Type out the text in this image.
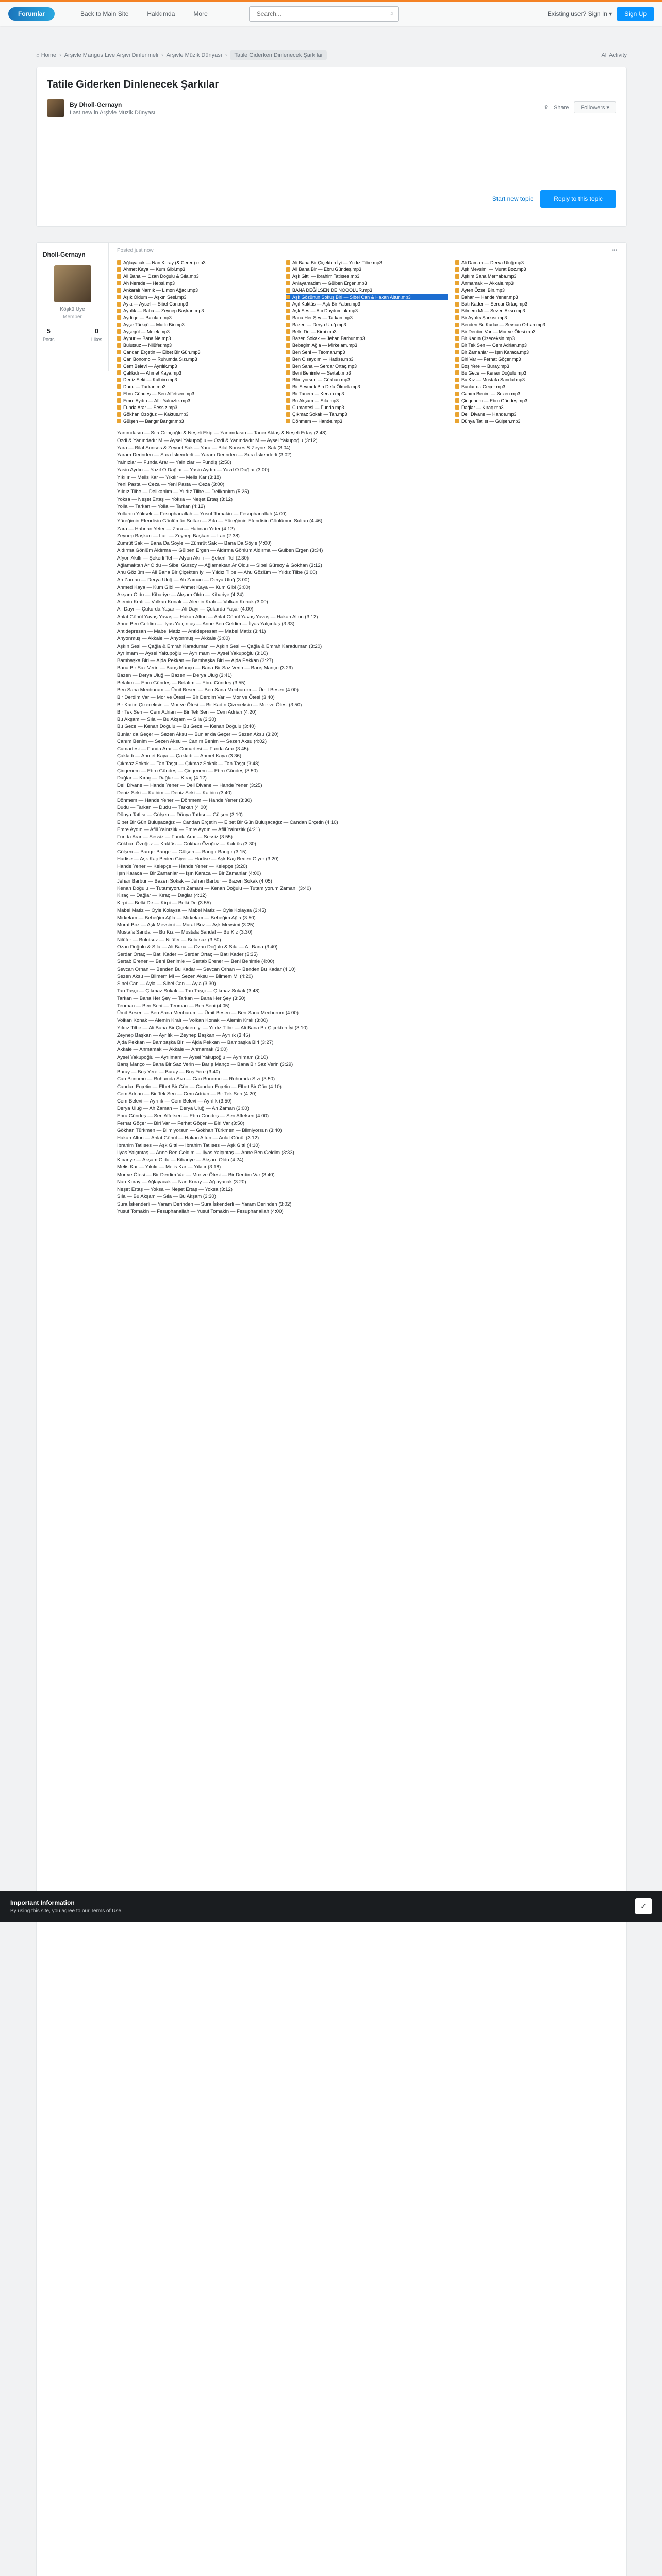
Forumlar	Back to Main Site	Hakkımda	More
Search...	⌕	Existing user? Sign In ▾	Sign Up
⌂ Home › Arşivle Mangus Live Arşivi Dinlenmeli › Arşivle Müzik Dünyası ›	Tatile Giderken Dinlenecek Şarkılar	All Activity
Tatile Giderken Dinlenecek Şarkılar
By Dholl-Gernayn
Last new in Arşivle Müzik Dünyası
⇪ Share	Followers ▾
Start new topic	Reply to this topic
Dholl-Gernayn
Köşkü Üye
Member
5
Posts
0
Likes
Posted just now	•••
Ağlayacak — Nan Koray (& Ceren).mp3	Ali Bana Bir Çiçekten İyi — Yıldız Tilbe.mp3	Ali Damarı — Derya Uluğ.mp3
Ahmet Kaya — Kum Gibi.mp3	Ali Bana Bir — Ebru Gündeş.mp3	Aşk Mevsimi — Murat Boz.mp3
Ali Bana — Ozan Doğulu & Sıla.mp3	Aşk Gitti — İbrahim Tatlıses.mp3	Aşkım Sana Merhaba.mp3
Ah Nerede — Hepsi.mp3	Anlayamadım — Gülben Ergen.mp3	Anmamak — Akkale.mp3
Ankaralı Namık — Limon Ağacı.mp3	BANA DEĞİLSEN DE NOOOLUR.mp3	Ayten Özsel Bin.mp3
Aşık Oldum — Aşkın Sesi.mp3	Aşk Gözünün Sokuş Biri — Sibel Can & Hakan Altun.mp3	Bahar — Hande Yener.mp3
Ayla — Aysel — Sibel Can.mp3	Açıl Kaktüs — Aşk Bir Yalan.mp3	Batı Kader — Serdar Ortaç.mp3
Ayrılık — Baba — Zeynep Başkan.mp3	Aşk Ses — Acı Duydumluk.mp3	Bilmem Mi — Sezen Aksu.mp3
Aydilge — Bazıları.mp3	Bana Her Şey — Tarkan.mp3	Bir Ayrılık Şarkısı.mp3
Ayşe Türkçü — Mutlu Bir.mp3	Bazen — Derya Uluğ.mp3	Benden Bu Kadar — Sevcan Orhan.mp3
Ayşegül — Melek.mp3	Belki De — Kirpi.mp3	Bir Derdim Var — Mor ve Ötesi.mp3
Aynur — Bana Ne.mp3	Bazen Sokak — Jehan Barbur.mp3	Bir Kadın Çizeceksin.mp3
Bulutsuz — Nilüfer.mp3	Bebeğim Ağla — Mirkelam.mp3	Bir Tek Sen — Cem Adrian.mp3
Candan Erçetin — Elbet Bir Gün.mp3	Ben Seni — Teoman.mp3	Bir Zamanlar — Işın Karaca.mp3
Can Bonomo — Ruhumda Sızı.mp3	Ben Olsaydım — Hadise.mp3	Biri Var — Ferhat Göçer.mp3
Cem Belevi — Ayrılık.mp3	Ben Sana — Serdar Ortaç.mp3	Boş Yere — Buray.mp3
Çakkıdı — Ahmet Kaya.mp3	Beni Benimle — Sertab.mp3	Bu Gece — Kenan Doğulu.mp3
Deniz Seki — Kalbim.mp3	Bilmiyorsun — Gökhan.mp3	Bu Kız — Mustafa Sandal.mp3
Dudu — Tarkan.mp3	Bir Sevmek Bin Defa Ölmek.mp3	Bunlar da Geçer.mp3
Ebru Gündeş — Sen Affetsen.mp3	Bir Tanem — Kenan.mp3	Canım Benim — Sezen.mp3
Emre Aydın — Afili Yalnızlık.mp3	Bu Akşam — Sıla.mp3	Çingenem — Ebru Gündeş.mp3
Funda Arar — Sessiz.mp3	Cumartesi — Funda.mp3	Dağlar — Kıraç.mp3
Gökhan Özoğuz — Kaktüs.mp3	Çıkmaz Sokak — Tan.mp3	Deli Divane — Hande.mp3
Gülşen — Bangır Bangır.mp3	Dönmem — Hande.mp3	Dünya Tatlısı — Gülşen.mp3
Yanımdasın — Sıla Gençoğlu & Neşeli Ekip — Yanımdasın — Taner Aktaş & Neşeli Ertaş (2:48)
Ozdi & Yanındadır M — Aysel Yakupoğlu — Özdi & Yanındadır M — Aysel Yakupoğlu (3:12)
Yara — Bilal Sonses & Zeynel Sak — Yara — Bilal Sonses & Zeynel Sak (3:04)
Yaram Derinden — Sura İskenderli — Yaram Derinden — Sura İskenderli (3:02)
Yalnızlar — Funda Arar — Yalnızlar — Fundiş (2:50)
Yasin Aydın — Yazıl O Dağlar — Yasin Aydın — Yazıl O Dağlar (3:00)
Yıkılır — Melis Kar — Yıkılır — Melis Kar (3:18)
Yeni Pasta — Ceza — Yeni Pasta — Ceza (3:00)
Yıldız Tilbe — Delikanlım — Yıldız Tilbe — Delikanlım (5:25)
Yoksa — Neşet Ertaş — Yoksa — Neşet Ertaş (3:12)
Yolla — Tarkan — Yolla — Tarkan (4:12)
Yollarım Yüksek — Fesuphanallah — Yusuf Tomakin — Fesuphanallah (4:00)
Yüreğimin Efendisin Gönlümün Sultan — Sıla — Yüreğimin Efendisin Gönlümün Sultan (4:46)
Zara — Habnan Yeter — Zara — Habnan Yeter (4:12)
Zeynep Başkan — Lan — Zeynep Başkan — Lan (2:38)
Zümrüt Sak — Bana Da Söyle — Zümrüt Sak — Bana Da Söyle (4:00)
Aldırma Gönlüm Aldırma — Gülben Ergen — Aldırma Gönlüm Aldırma — Gülben Ergen (3:34)
Afyon Akıllı — Şekerli Tel — Afyon Akıllı — Şekerli Tel (2:30)
Ağlamaktan Ar Oldu — Sibel Gürsoy — Ağlamaktan Ar Oldu — Sibel Gürsoy & Gökhan (3:12)
Ahu Gözlüm — Ali Bana Bir Çiçekten İyi — Yıldız Tilbe — Ahu Gözlüm — Yıldız Tilbe (3:00)
Ah Zaman — Derya Uluğ — Ah Zaman — Derya Uluğ (3:00)
Ahmed Kaya — Kum Gibi — Ahmet Kaya — Kum Gibi (3:00)
Akşam Oldu — Kibariye — Akşam Oldu — Kibariye (4:24)
Alemin Kralı — Volkan Konak — Alemin Kralı — Volkan Konak (3:00)
Ali Dayı — Çukurda Yaşar — Ali Dayı — Çukurda Yaşar (4:00)
Anlat Gönül Yavaş Yavaş — Hakan Altun — Anlat Gönül Yavaş Yavaş — Hakan Altun (3:12)
Anne Ben Geldim — İlyas Yalçıntaş — Anne Ben Geldim — İlyas Yalçıntaş (3:33)
Antidepresan — Mabel Matiz — Antidepresan — Mabel Matiz (3:41)
Anyonmuş — Akkale — Anyonmuş — Akkale (3:00)
Aşkın Sesi — Çağla & Emrah Karaduman — Aşkın Sesi — Çağla & Emrah Karaduman (3:20)
Ayrılmam — Aysel Yakupoğlu — Ayrılmam — Aysel Yakupoğlu (3:10)
Bambaşka Biri — Ajda Pekkan — Bambaşka Biri — Ajda Pekkan (3:27)
Bana Bir Saz Verin — Barış Manço — Bana Bir Saz Verin — Barış Manço (3:29)
Bazen — Derya Uluğ — Bazen — Derya Uluğ (3:41)
Belalım — Ebru Gündeş — Belalım — Ebru Gündeş (3:55)
Ben Sana Mecburum — Ümit Besen — Ben Sana Mecburum — Ümit Besen (4:00)
Bir Derdim Var — Mor ve Ötesi — Bir Derdim Var — Mor ve Ötesi (3:40)
Bir Kadın Çizeceksin — Mor ve Ötesi — Bir Kadın Çizeceksin — Mor ve Ötesi (3:50)
Bir Tek Sen — Cem Adrian — Bir Tek Sen — Cem Adrian (4:20)
Bu Akşam — Sıla — Bu Akşam — Sıla (3:30)
Bu Gece — Kenan Doğulu — Bu Gece — Kenan Doğulu (3:40)
Bunlar da Geçer — Sezen Aksu — Bunlar da Geçer — Sezen Aksu (3:20)
Canım Benim — Sezen Aksu — Canım Benim — Sezen Aksu (4:02)
Cumartesi — Funda Arar — Cumartesi — Funda Arar (3:45)
Çakkıdı — Ahmet Kaya — Çakkıdı — Ahmet Kaya (3:36)
Çıkmaz Sokak — Tan Taşçı — Çıkmaz Sokak — Tan Taşçı (3:48)
Çingenem — Ebru Gündeş — Çingenem — Ebru Gündeş (3:50)
Dağlar — Kıraç — Dağlar — Kıraç (4:12)
Deli Divane — Hande Yener — Deli Divane — Hande Yener (3:25)
Deniz Seki — Kalbim — Deniz Seki — Kalbim (3:40)
Dönmem — Hande Yener — Dönmem — Hande Yener (3:30)
Dudu — Tarkan — Dudu — Tarkan (4:00)
Dünya Tatlısı — Gülşen — Dünya Tatlısı — Gülşen (3:10)
Elbet Bir Gün Buluşacağız — Candan Erçetin — Elbet Bir Gün Buluşacağız — Candan Erçetin (4:10)
Emre Aydın — Afili Yalnızlık — Emre Aydın — Afili Yalnızlık (4:21)
Funda Arar — Sessiz — Funda Arar — Sessiz (3:55)
Gökhan Özoğuz — Kaktüs — Gökhan Özoğuz — Kaktüs (3:30)
Gülşen — Bangır Bangır — Gülşen — Bangır Bangır (3:15)
Hadise — Aşk Kaç Beden Giyer — Hadise — Aşk Kaç Beden Giyer (3:20)
Hande Yener — Kelepçe — Hande Yener — Kelepçe (3:20)
Işın Karaca — Bir Zamanlar — Işın Karaca — Bir Zamanlar (4:00)
Jehan Barbur — Bazen Sokak — Jehan Barbur — Bazen Sokak (4:05)
Kenan Doğulu — Tutamıyorum Zamanı — Kenan Doğulu — Tutamıyorum Zamanı (3:40)
Kıraç — Dağlar — Kıraç — Dağlar (4:12)
Kirpi — Belki De — Kirpi — Belki De (3:55)
Mabel Matiz — Öyle Kolaysa — Mabel Matiz — Öyle Kolaysa (3:45)
Mirkelam — Bebeğim Ağla — Mirkelam — Bebeğim Ağla (3:50)
Murat Boz — Aşk Mevsimi — Murat Boz — Aşk Mevsimi (3:25)
Mustafa Sandal — Bu Kız — Mustafa Sandal — Bu Kız (3:30)
Nilüfer — Bulutsuz — Nilüfer — Bulutsuz (3:50)
Ozan Doğulu & Sıla — Ali Bana — Ozan Doğulu & Sıla — Ali Bana (3:40)
Serdar Ortaç — Batı Kader — Serdar Ortaç — Batı Kader (3:35)
Sertab Erener — Beni Benimle — Sertab Erener — Beni Benimle (4:00)
Sevcan Orhan — Benden Bu Kadar — Sevcan Orhan — Benden Bu Kadar (4:10)
Sezen Aksu — Bilmem Mi — Sezen Aksu — Bilmem Mi (4:20)
Sibel Can — Ayla — Sibel Can — Ayla (3:30)
Tan Taşçı — Çıkmaz Sokak — Tan Taşçı — Çıkmaz Sokak (3:48)
Tarkan — Bana Her Şey — Tarkan — Bana Her Şey (3:50)
Teoman — Ben Seni — Teoman — Ben Seni (4:05)
Ümit Besen — Ben Sana Mecburum — Ümit Besen — Ben Sana Mecburum (4:00)
Volkan Konak — Alemin Kralı — Volkan Konak — Alemin Kralı (3:00)
Yıldız Tilbe — Ali Bana Bir Çiçekten İyi — Yıldız Tilbe — Ali Bana Bir Çiçekten İyi (3:10)
Zeynep Başkan — Ayrılık — Zeynep Başkan — Ayrılık (3:45)
Ajda Pekkan — Bambaşka Biri — Ajda Pekkan — Bambaşka Biri (3:27)
Akkale — Anmamak — Akkale — Anmamak (3:00)
Aysel Yakupoğlu — Ayrılmam — Aysel Yakupoğlu — Ayrılmam (3:10)
Barış Manço — Bana Bir Saz Verin — Barış Manço — Bana Bir Saz Verin (3:29)
Buray — Boş Yere — Buray — Boş Yere (3:40)
Can Bonomo — Ruhumda Sızı — Can Bonomo — Ruhumda Sızı (3:50)
Candan Erçetin — Elbet Bir Gün — Candan Erçetin — Elbet Bir Gün (4:10)
Cem Adrian — Bir Tek Sen — Cem Adrian — Bir Tek Sen (4:20)
Cem Belevi — Ayrılık — Cem Belevi — Ayrılık (3:50)
Derya Uluğ — Ah Zaman — Derya Uluğ — Ah Zaman (3:00)
Ebru Gündeş — Sen Affetsen — Ebru Gündeş — Sen Affetsen (4:00)
Ferhat Göçer — Biri Var — Ferhat Göçer — Biri Var (3:50)
Gökhan Türkmen — Bilmiyorsun — Gökhan Türkmen — Bilmiyorsun (3:40)
Hakan Altun — Anlat Gönül — Hakan Altun — Anlat Gönül (3:12)
İbrahim Tatlıses — Aşk Gitti — İbrahim Tatlıses — Aşk Gitti (4:10)
İlyas Yalçıntaş — Anne Ben Geldim — İlyas Yalçıntaş — Anne Ben Geldim (3:33)
Kibariye — Akşam Oldu — Kibariye — Akşam Oldu (4:24)
Melis Kar — Yıkılır — Melis Kar — Yıkılır (3:18)
Mor ve Ötesi — Bir Derdim Var — Mor ve Ötesi — Bir Derdim Var (3:40)
Nan Koray — Ağlayacak — Nan Koray — Ağlayacak (3:20)
Neşet Ertaş — Yoksa — Neşet Ertaş — Yoksa (3:12)
Sıla — Bu Akşam — Sıla — Bu Akşam (3:30)
Sura İskenderli — Yaram Derinden — Sura İskenderli — Yaram Derinden (3:02)
Yusuf Tomakin — Fesuphanallah — Yusuf Tomakin — Fesuphanallah (4:00)
Important Information

By using this site, you agree to our Terms of Use.

✓
